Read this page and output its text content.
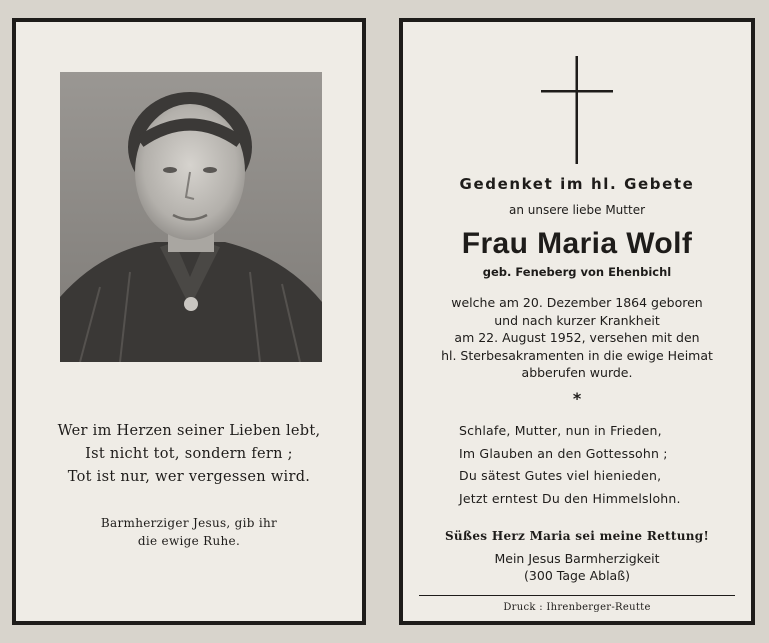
Wer im Herzen seiner Lieben lebt,
Ist nicht tot, sondern fern ;
Tot ist nur, wer vergessen wird.
Barmherziger Jesus, gib ihr
die ewige Ruhe.
Gedenket im hl. Gebete
an unsere liebe Mutter
Frau Maria Wolf
geb. Feneberg von Ehenbichl
welche am 20. Dezember 1864 geboren
und nach kurzer Krankheit
am 22. August 1952, versehen mit den
hl. Sterbesakramenten in die ewige Heimat
abberufen wurde.
*
Schlafe, Mutter, nun in Frieden,
Im Glauben an den Gottessohn ;
Du sätest Gutes viel hienieden,
Jetzt erntest Du den Himmelslohn.
Süßes Herz Maria sei meine Rettung!
Mein Jesus Barmherzigkeit
(300 Tage Ablaß)
Druck : Ihrenberger-Reutte
